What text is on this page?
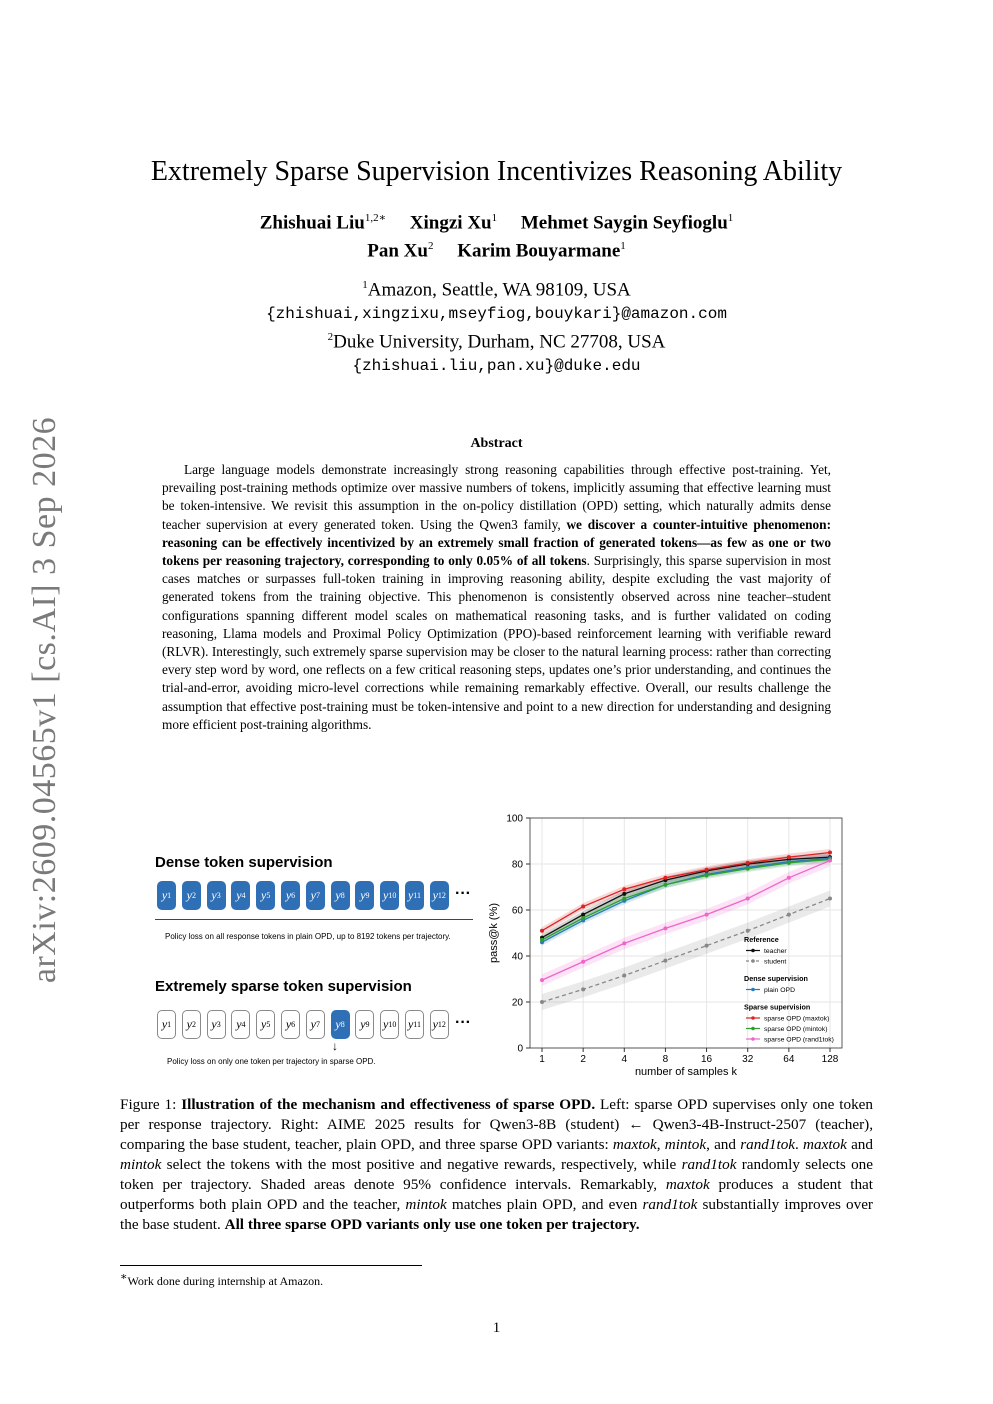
arXiv:2609.04565v1 [cs.AI] 3 Sep 2026
Extremely Sparse Supervision Incentivizes Reasoning Ability
Zhishuai Liu$^{1,2∗}$ Xingzi Xu$^1$ Mehmet Saygin Seyfioglu$^1$
Pan Xu$^2$ Karim Bouyarmane$^1$
$^1$Amazon, Seattle, WA 98109, USA
{zhishuai,xingzixu,mseyfiog,bouykari}@amazon.com
$^2$Duke University, Durham, NC 27708, USA
{zhishuai.liu,pan.xu}@duke.edu
Abstract

Large language models demonstrate increasingly strong reasoning capabilities through effective post-training. Yet, prevailing post-training methods optimize over massive numbers of tokens, implicitly assuming that effective learning must be token-intensive. We revisit this assumption in the on-policy distillation (OPD) setting, which naturally admits dense teacher supervision at every generated token. Using the Qwen3 family, we discover a counter-intuitive phenomenon: reasoning can be effectively incentivized by an extremely small fraction of generated tokens—as few as one or two tokens per reasoning trajectory, corresponding to only 0.05% of all tokens. Surprisingly, this sparse supervision in most cases matches or surpasses full-token training in improving reasoning ability, despite excluding the vast majority of generated tokens from the training objective. This phenomenon is consistently observed across nine teacher–student configurations spanning different model scales on mathematical reasoning tasks, and is further validated on coding reasoning, Llama models and Proximal Policy Optimization (PPO)-based reinforcement learning with verifiable reward (RLVR). Interestingly, such extremely sparse supervision may be closer to the natural learning process: rather than correcting every step word by word, one reflects on a few critical reasoning steps, updates one’s prior understanding, and continues the trial-and-error, avoiding micro-level corrections while remaining remarkably effective. Overall, our results challenge the assumption that effective post-training must be token-intensive and point to a new direction for understanding and designing more efficient post-training algorithms.

Dense token supervision
y 1 y 2 y 3 y 4 y 5 y 6 y 7 y 8 y 9 y 10 y 11 y 12 ···
Policy loss on all response tokens in plain OPD, up to 8192 tokens per trajectory.
Extremely sparse token supervision
y 1 y 2 y 3 y 4 y 5 y 6 y 7 y 8 y 9 y 10 y 11 y 12 ···
↓
Policy loss on only one token per trajectory in sparse OPD.
0
20
40
60
80
100
1	2	4	8	16	32	64	128
number of samples k
pass@k (%)	Reference
teacher
student
Dense supervision
plain OPD
Sparse supervision
sparse OPD (maxtok)
sparse OPD (mintok)
sparse OPD (rand1tok)
Figure 1: Illustration of the mechanism and effectiveness of sparse OPD. Left: sparse OPD supervises only one token per response trajectory. Right: AIME 2025 results for Qwen3-8B (student) ← Qwen3-4B-Instruct-2507 (teacher), comparing the base student, teacher, plain OPD, and three sparse OPD variants: maxtok, mintok, and rand1tok. maxtok and mintok select the tokens with the most positive and negative rewards, respectively, while rand1tok randomly selects one token per trajectory. Shaded areas denote 95% confidence intervals. Remarkably, maxtok produces a student that outperforms both plain OPD and the teacher, mintok matches plain OPD, and even rand1tok substantially improves over the base student. All three sparse OPD variants only use one token per trajectory.
∗Work done during internship at Amazon.
1
